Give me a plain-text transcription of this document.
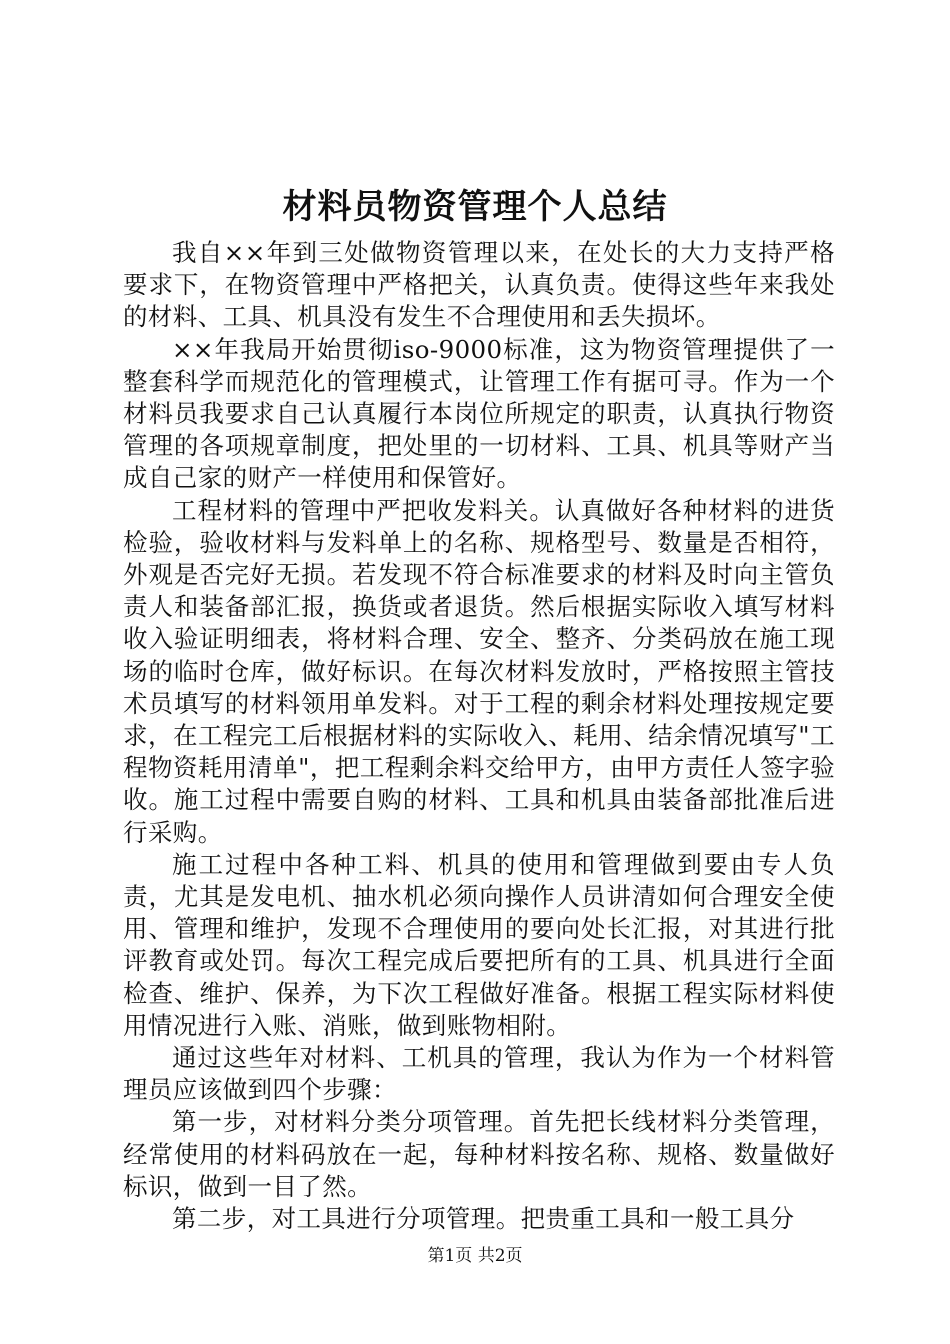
材料员物资管理个人总结

我自××年到三处做物资管理以来，在处长的大力支持严格要求下，在物资管理中严格把关，认真负责。使得这些年来我处的材料、工具、机具没有发生不合理使用和丢失损坏。

××年我局开始贯彻iso-9000标准，这为物资管理提供了一整套科学而规范化的管理模式，让管理工作有据可寻。作为一个材料员我要求自己认真履行本岗位所规定的职责，认真执行物资管理的各项规章制度，把处里的一切材料、工具、机具等财产当成自己家的财产一样使用和保管好。

工程材料的管理中严把收发料关。认真做好各种材料的进货检验，验收材料与发料单上的名称、规格型号、数量是否相符，外观是否完好无损。若发现不符合标准要求的材料及时向主管负责人和装备部汇报，换货或者退货。然后根据实际收入填写材料收入验证明细表，将材料合理、安全、整齐、分类码放在施工现场的临时仓库，做好标识。在每次材料发放时，严格按照主管技术员填写的材料领用单发料。对于工程的剩余材料处理按规定要求，在工程完工后根据材料的实际收入、耗用、结余情况填写"工程物资耗用清单"，把工程剩余料交给甲方，由甲方责任人签字验收。施工过程中需要自购的材料、工具和机具由装备部批准后进行采购。

施工过程中各种工料、机具的使用和管理做到要由专人负责，尤其是发电机、抽水机必须向操作人员讲清如何合理安全使用、管理和维护，发现不合理使用的要向处长汇报，对其进行批评教育或处罚。每次工程完成后要把所有的工具、机具进行全面检查、维护、保养，为下次工程做好准备。根据工程实际材料使用情况进行入账、消账，做到账物相附。

通过这些年对材料、工机具的管理，我认为作为一个材料管理员应该做到四个步骤：

第一步，对材料分类分项管理。首先把长线材料分类管理，经常使用的材料码放在一起，每种材料按名称、规格、数量做好标识，做到一目了然。

第二步，对工具进行分项管理。把贵重工具和一般工具分

第1页 共2页
